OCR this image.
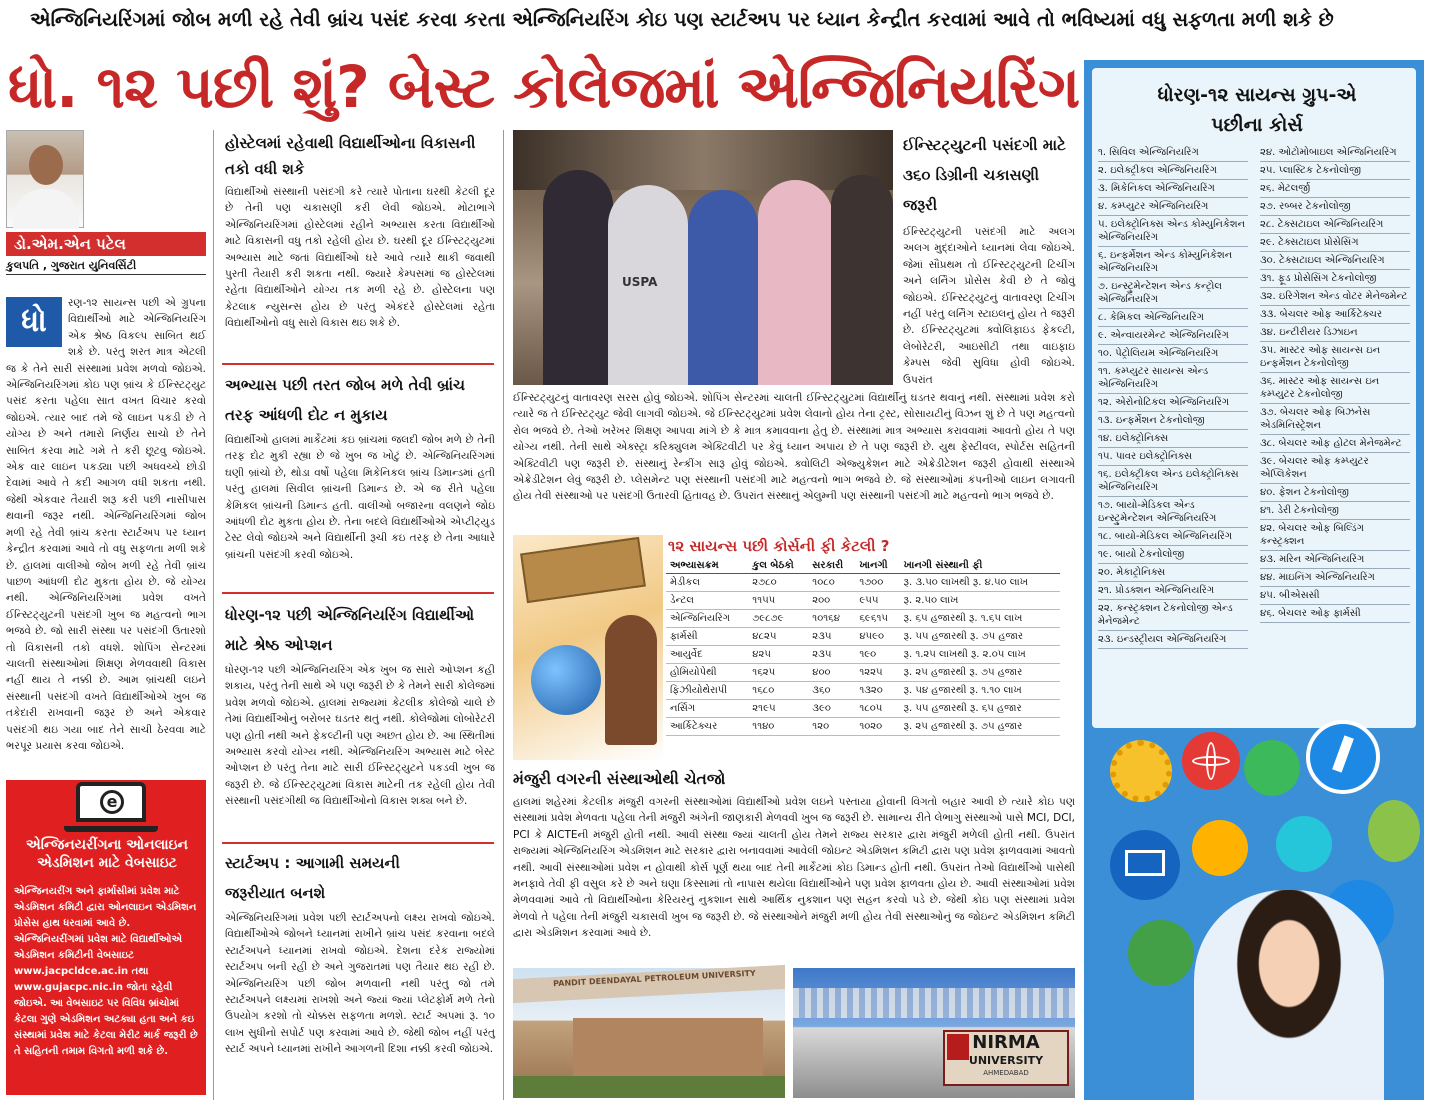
એન્જિનિયરિંગમાં જોબ મળી રહે તેવી બ્રાંચ પસંદ કરવા કરતા એન્જિનિયરિંગ કોઇ પણ સ્ટાર્ટઅપ પર ધ્યાન કેન્દ્રીત કરવામાં આવે તો ભવિષ્યમાં વધુ સફળતા મળી શકે છે
ધો. ૧૨ પછી શું? બેસ્ટ કોલેજમાં એન્જિનિયરિંગ
ડો.એમ.એન પટેલ
કુલપતિ , ગુજરાત યુનિવર્સિટી
ધો
રણ-૧૨ સાયન્સ પછી એ ગ્રુપના વિદ્યાર્થીઓ માટે એન્જિનિયરિંગ એક શ્રેષ્ઠ વિકલ્પ સાબિત થઈ શકે છે. પરંતુ શરત માત્ર એટલી જ કે તેને સારી સંસ્થામાં પ્રવેશ મળવો જોઇએ. એન્જિનિયરિંગમાં કોઇ પણ બ્રાંચ કે ઈન્સ્ટિટ્યુટ પસંદ કરતા પહેલા સાત વખત વિચાર કરવો જોઇએ. ત્યાર બાદ તમે જે લાઇન પકડી છે તે યોગ્ય છે અને તમારો નિર્ણય સાચો છે તેને સાબિત કરવા માટે ગમે તે કરી છૂટવુ જોઇએ. એક વાર લાઇન પકડ્યા પછી અધવચ્ચે છોડી દેવામાં આવે તે કદી આગળ વધી શકતા નથી. જેથી એકવાર તૈયારી શરૂ કરી પછી નાસીપાસ થવાની જરૂર નથી. એન્જિનિયરિંગમાં જોબ મળી રહે તેવી બ્રાંચ કરતા સ્ટાર્ટઅપ પર ધ્યાન કેન્દ્રીત કરવામાં આવે તો વધુ સફળતા મળી શકે છે. હાલમાં વાલીઓ જોબ મળી રહે તેવી બ્રાંચ પાછળ આંધળી દોટ મુકતા હોય છે. જે યોગ્ય નથી. એન્જિનિયરિંગમાં પ્રવેશ વખતે ઈન્સ્ટિટ્યુટની પસંદગી ખુબ જ મહત્વનો ભાગ ભજવે છે. જો સારી સંસ્થા પર પસંદગી ઉતારશો તો વિકાસની તકો વધશે. શોપિંગ સેન્ટરમાં ચાલતી સંસ્થાઓમાં શિક્ષણ મેળવવાથી વિકાસ નહીં થાય તે નક્કી છે. આમ બ્રાંચથી લઇને સંસ્થાની પસંદગી વખતે વિદ્યાર્થીઓએ ખુબ જ તકેદારી રાખવાની જરૂર છે અને એકવાર પસંદગી થઇ ગયા બાદ તેને સાચી ઠેરવવા માટે ભરપૂર પ્રયાસ કરવા જોઇએ.
e
એન્જિનયરીંગના ઓનલાઇન એડમિશન માટે વેબસાઇટ
એન્જિનયરીંગ અને ફાર્માસીમાં પ્રવેશ માટે એડમિશન કમિટી દ્વારા ઓનલાઇન એડમિશન પ્રોસેસ હાથ ધરવામાં આવે છે. એન્જિનિયરીંગમાં પ્રવેશ માટે વિદ્યાર્થીઓએ એડમિશન કમિટીની વેબસાઇટ www.jacpcldce.ac.in તથા www.gujacpc.nic.in જોતા રહેવી જોઇએ. આ વેબસાઇટ પર વિવિધ બ્રાંચોમાં કેટલા ગુણે એડમિશન અટક્યા હતા અને કઇ સંસ્થામાં પ્રવેશ માટે કેટલા મેરીટ માર્ક જરૂરી છે તે સહિતની તમામ વિગતો મળી શકે છે.
હોસ્ટેલમાં રહેવાથી વિદ્યાર્થીઓના વિકાસની તકો વધી શકે
વિદ્યાર્થીઓ સંસ્થાની પસંદગી કરે ત્યારે પોતાના ઘરથી કેટલી દૂર છે તેની પણ ચકાસણી કરી લેવી જોઇએ. મોટાભાગે એન્જિનિયરિંગમાં હોસ્ટેલમાં રહીને અભ્યાસ કરતા વિદ્યાર્થીઓ માટે વિકાસની વધુ તકો રહેલી હોય છે. ઘરથી દૂર ઈન્સ્ટિટ્યુટમાં અભ્યાસ માટે જતાં વિદ્યાર્થીઓ ઘરે આવે ત્યારે થાકી જવાથી પુરતી તૈયારી કરી શકતા નથી. જ્યારે કેમ્પસમાં જ હોસ્ટેલમાં રહેતા વિદ્યાર્થીઓને યોગ્ય તક મળી રહે છે. હોસ્ટેલના પણ કેટલાક ન્યુસન્સ હોય છે પરંતુ એકંદરે હોસ્ટેલમાં રહેતા વિદ્યાર્થીઓનો વધુ સારો વિકાસ થઇ શકે છે.
અભ્યાસ પછી તરત જોબ મળે તેવી બ્રાંચ તરફ આંધળી દોટ ન મુકાય
વિદ્યાર્થીઓ હાલમાં માર્કેટમાં કઇ બ્રાંચમાં જલદી જોબ મળે છે તેની તરફ દોટ મુકી રહ્યા છે જે ખુબ જ ખોટું છે. એન્જિનિયરિંગમાં ઘણી બ્રાંચો છે, થોડા વર્ષો પહેલા મિકેનિકલ બ્રાંચ ડિમાન્ડમાં હતી પરંતુ હાલમાં સિવીલ બ્રાંચની ડિમાન્ડ છે. એ જ રીતે પહેલા કેમિકલ બ્રાંચની ડિમાન્ડ હતી. વાલીઓ બજારના વલણને જોઇ આંધળી દોટ મુકતા હોય છે. તેના બદલે વિદ્યાર્થીઓએ એપ્ટીટ્યુડ ટેસ્ટ લેવો જોઇએ અને વિદ્યાર્થીની રૂચી કઇ તરફ છે તેના આધારે બ્રાંચની પસંદગી કરવી જોઇએ.
ધોરણ-૧૨ પછી એન્જિનિયરિંગ વિદ્યાર્થીઓ માટે શ્રેષ્ઠ ઓપ્શન
ધોરણ-૧૨ પછી એન્જિનિયરિંગ એક ખુબ જ સારો ઓપ્શન કહી શકાય, પરંતુ તેની સાથે એ પણ જરૂરી છે કે તેમને સારી કોલેજમાં પ્રવેશ મળવો જોઇએ. હાલમાં રાજ્યમાં કેટલીક કોલેજો ચાલે છે તેમાં વિદ્યાર્થીઓનું બરોબર ઘડતર થતું નથી. કોલેજોમાં લોબોરેટરી પણ હોતી નથી અને ફેકલ્ટીની પણ અછત હોય છે. આ સ્થિતીમાં અભ્યાસ કરવો યોગ્ય નથી. એન્જિનિયરિંગ અભ્યાસ માટે બેસ્ટ ઓપ્શન છે પરંતુ તેના માટે સારી ઈન્સ્ટિટ્યુટને પકડવી ખુબ જ જરૂરી છે. જે ઈન્સ્ટિટ્યુટમાં વિકાસ માટેની તક રહેલી હોય તેવી સંસ્થાની પસંદગીથી જ વિદ્યાર્થીઓનો વિકાસ શક્ય બને છે.
સ્ટાર્ટઅપ : આગામી સમયની જરૂરીયાત બનશે
એન્જિનિયરિંગમાં પ્રવેશ પછી સ્ટાર્ટઅપનો લક્ષ્ય રાખવો જોઇએ. વિદ્યાર્થીઓએ જોબને ધ્યાનમાં રાખીને બ્રાંચ પસંદ કરવાના બદલે સ્ટાર્ટઅપને ધ્યાનમાં રાખવો જોઇએ. દેશના દરેક રાજ્યોમાં સ્ટાર્ટઅપ બની રહી છે અને ગુજરાતમાં પણ તૈયાર થઇ રહી છે. એન્જિનિયરિંગ પછી જોબ મળવાની નથી પરંતુ જો તમે સ્ટાર્ટઅપને લક્ષ્યમાં રાખશો અને જ્યાં જ્યાં પ્લેટફોર્મ મળે તેનો ઉપયોગ કરશો તો ચોક્કસ સફળતા મળશે. સ્ટાર્ટ અપમાં રૂ. ૧૦ લાખ સુધીનો સપોર્ટ પણ કરવામાં આવે છે. જેથી જોબ નહીં પરંતુ સ્ટાર્ટ અપને ધ્યાનમાં રાખીને આગળની દિશા નક્કી કરવી જોઇએ.
USPA
ઈન્સ્ટિટ્યુટની પસંદગી માટે ૩૬૦ ડિગ્રીની ચકાસણી જરૂરી
ઈન્સ્ટિટ્યુટની પસંદગી માટે અલગ અલગ મુદ્દાઓને ધ્યાનમાં લેવા જોઇએ. જેમાં સૌપ્રથમ તો ઈન્સ્ટિટ્યુટની ટિચીંગ અને લર્નિંગ પ્રોસેસ કેવી છે તે જોવું જોઇએ. ઈન્સ્ટિટ્યુટનું વાતાવરણ ટિચીંગ નહીં પરંતુ લર્નિંગ સ્ટાઇલનું હોય તે જરૂરી છે. ઈન્સ્ટિટ્યુટમાં ક્વોલિફાઇડ ફેકલ્ટી, લેબોરેટરી, આઇસીટી તથા વાઇફાઇ કેમ્પસ જેવી સુવિધા હોવી જોઇએ. ઉપરાંત
ઈન્સ્ટિટ્યુટનું વાતાવરણ સરસ હોવું જોઇએ. શોપિંગ સેન્ટરમાં ચાલતી ઈન્સ્ટિટ્યુટમાં વિદ્યાર્થીનું ઘડતર થવાનું નથી. સંસ્થામાં પ્રવેશ કરો ત્યારે જ તે ઈન્સ્ટિટ્યુટ જેવી લાગવી જોઇએ. જે ઈન્સ્ટિટ્યુટમાં પ્રવેશ લેવાનો હોય તેના ટ્રસ્ટ, સોસાયટીનું વિઝન શું છે તે પણ મહત્વનો રોલ ભજવે છે. તેઓ ખરેખર શિક્ષણ આપવા માંગે છે કે માત્ર કમાવવાના હેતુ છે. સંસ્થામાં માત્ર અભ્યાસ કરાવવામાં આવતો હોય તે પણ યોગ્ય નથી. તેની સાથે એક્સ્ટ્રા કરિક્યુલમ એક્ટિવીટી પર કેવું ધ્યાન અપાય છે તે પણ જરૂરી છે. યુથ ફેસ્ટીવલ, સ્પોર્ટસ સહિતની એક્ટિવીટી પણ જરૂરી છે. સંસ્થાનું રેન્કીંગ સારૂ હોવું જોઇએ. ક્વોલિટી એજ્યુકેશન માટે એક્રેડીટેશન જરૂરી હોવાથી સંસ્થાએ એક્રેડીટેશન લેવું જરૂરી છે. પ્લેસમેન્ટ પણ સંસ્થાની પસંદગી માટે મહત્વનો ભાગ ભજવે છે. જે સંસ્થાઓમાં કંપનીઓ લાઇન લગાવતી હોય તેવી સંસ્થાઓ પર પસંદગી ઉતારવી હિતાવહ છે. ઉપરાંત સંસ્થાનું એલુમ્ની પણ સંસ્થાની પસંદગી માટે મહત્વનો ભાગ ભજવે છે.
૧૨ સાયન્સ પછી કોર્સની ફી કેટલી ?
અભ્યાસક્રમ	કુલ બેઠકો	સરકારી	ખાનગી	ખાનગી સંસ્થાની ફી
મેડીકલ	૨૭૮૦	૧૦૮૦	૧૭૦૦	રૂ. ૩.૫૦ લાખથી રૂ. ૪.૫૦ લાખ
ડેન્ટલ	૧૧૫૫	૨૦૦	૯૫૫	રૂ. ૨.૫૦ લાખ
એન્જિનિયરિંગ	૭૯૮૭૯	૧૦૧૬૪	૬૯૬૧૫	રૂ. ૬૫ હજારથી રૂ. ૧.૬૫ લાખ
ફાર્મસી	૪૮૨૫	૨૩૫	૪૫૯૦	રૂ. ૫૫ હજારથી રૂ. ૭૫ હજાર
આયુર્વેદ	૪૨૫	૨૩૫	૧૯૦	રૂ. ૧.૨૫ લાખથી રૂ. ૨.૦૫ લાખ
હોમિયોપેથી	૧૬૨૫	૪૦૦	૧૨૨૫	રૂ. ૨૫ હજારથી રૂ. ૭૫ હજાર
ફિઝીયોથેરાપી	૧૬૮૦	૩૬૦	૧૩૨૦	રૂ. ૫૪ હજારથી રૂ. ૧.૧૦ લાખ
નર્સિંગ	૨૧૯૫	૩૯૦	૧૮૦૫	રૂ. ૫૫ હજારથી રૂ. ૬૫ હજાર
આર્કિટેક્ચર	૧૧૪૦	૧૨૦	૧૦૨૦	રૂ. ૨૫ હજારથી રૂ. ૭૫ હજાર
મંજુરી વગરની સંસ્થાઓથી ચેતજો
હાલમાં શહેરમાં કેટલીક મંજુરી વગરની સંસ્થાઓમાં વિદ્યાર્થીઓ પ્રવેશ લઇને પસ્તાયા હોવાની વિગતો બહાર આવી છે ત્યારે કોઇ પણ સંસ્થામાં પ્રવેશ મેળવતા પહેલા તેની મંજુરી અંગેની જાણકારી મેળવવી ખુબ જ જરૂરી છે. સામાન્ય રીતે લેભાગુ સંસ્થાઓ પાસે MCI, DCI, PCI કે AICTEની મંજુરી હોતી નથી. આવી સંસ્થા જ્યાં ચાલતી હોય તેમને રાજ્ય સરકાર દ્વારા મંજુરી મળેલી હોતી નથી. ઉપરાંત રાજ્યમાં એન્જિનિયરિંગ એડમિશન માટે સરકાર દ્વારા બનાવવામાં આવેલી જોઇન્ટ એડમિશન કમિટી દ્વારા પણ પ્રવેશ ફાળવવામાં આવતો નથી. આવી સંસ્થાઓમાં પ્રવેશ ન હોવાથી કોર્સ પૂર્ણ થયા બાદ તેની માર્કેટમાં કોઇ ડિમાન્ડ હોતી નથી. ઉપરાંત તેઓ વિદ્યાર્થીઓ પાસેથી મનફાવે તેવી ફી વસુલ કરે છે અને ઘણા કિસ્સામાં તો નાપાસ થયેલા વિદ્યાર્થીઓને પણ પ્રવેશ ફાળવતા હોય છે. આવી સંસ્થાઓમાં પ્રવેશ મેળવવામાં આવે તો વિદ્યાર્થીઓના કેરિયરનું નુકશાન સાથે આર્થિક નુકશાન પણ સહન કરવો પડે છે. જેથી કોઇ પણ સંસ્થામાં પ્રવેશ મેળવો તે પહેલા તેની મંજુરી ચકાસવી ખુબ જ જરૂરી છે. જે સંસ્થાઓને મંજુરી મળી હોય તેવી સંસ્થાઓનું જ જોઇન્ટ એડમિશન કમિટી દ્વારા એડમિશન કરવામાં આવે છે.
PANDIT DEENDAYAL PETROLEUM UNIVERSITY
NIRMA
UNIVERSITY
AHMEDABAD
ધોરણ-૧૨ સાયન્સ ગ્રુપ-એ પછીના કોર્સ
૧. સિવિલ એન્જિનિયરિંગ
૨. ઇલેક્ટ્રીકલ એન્જિનિયરિંગ
૩. મિકેનિકલ એન્જિનિયરિંગ
૪. કમ્પ્યુટર એન્જિનિયરિંગ
૫. ઇલેક્ટ્રોનિક્સ એન્ડ કોમ્યુનિકેશન એન્જિનિયરિંગ
૬. ઇન્ફર્મેશન એન્ડ કોમ્યુનિકેશન એન્જિનિયરિંગ
૭. ઇન્સ્ટ્રુમેન્ટેશન એન્ડ કન્ટ્રોલ એન્જિનિયરિંગ
૮. કેમિકલ એન્જિનિયરિંગ
૯. એન્વાયરમેન્ટ એન્જિનિયરિંગ
૧૦. પેટ્રોલિયમ એન્જિનિયરિંગ
૧૧. કમ્પ્યુટર સાયન્સ એન્ડ એન્જિનિયરિંગ
૧૨. એરોનોટિકલ એન્જિનિયરિંગ
૧૩. ઇન્ફર્મેશન ટેકનોલોજી
૧૪. ઇલેક્ટ્રોનિક્સ
૧૫. પાવર ઇલેક્ટ્રોનિક્સ
૧૬. ઇલેક્ટ્રીકલ એન્ડ ઇલેક્ટ્રોનિક્સ એન્જિનિયરિંગ
૧૭. બાયો-મેડિકલ એન્ડ ઇન્સ્ટ્રુમેન્ટેશન એન્જિનિયરિંગ
૧૮. બાયો-મેડિકલ એન્જિનિયરિંગ
૧૯. બાયો ટેકનોલોજી
૨૦. મેકાટ્રોનિક્સ
૨૧. પ્રોડક્શન એન્જિનિયરિંગ
૨૨. કન્સ્ટ્રક્શન ટેકનોલોજી એન્ડ મેનેજમેન્ટ
૨૩. ઇન્ડસ્ટ્રીયલ એન્જિનિયરિંગ
૨૪. ઓટોમોબાઇલ એન્જિનિયરિંગ
૨૫. પ્લાસ્ટિક ટેકનોલોજી
૨૬. મેટલર્જી
૨૭. રબ્બર ટેકનોલોજી
૨૮. ટેક્સટાઇલ એન્જિનિયરિંગ
૨૯. ટેક્સટાઇલ પ્રોસેસિંગ
૩૦. ટેક્સટાઇલ એન્જિનિયરિંગ
૩૧. ફૂડ પ્રોસેસિંગ ટેકનોલોજી
૩૨. ઇરિગેશન એન્ડ વોટર મેનેજમેન્ટ
૩૩. બેચલર ઓફ આર્કિટેક્ચર
૩૪. ઇન્ટીરીયર ડિઝાઇન
૩૫. માસ્ટર ઓફ સાયન્સ ઇન ઇન્ફર્મેશન ટેકનોલોજી
૩૬. માસ્ટર ઓફ સાયન્સ ઇન કમ્પ્યુટર ટેકનોલોજી
૩૭. બેચલર ઓફ બિઝનેસ એડમિનિસ્ટ્રેશન
૩૮. બેચલર ઓફ હોટલ મેનેજમેન્ટ
૩૯. બેચલર ઓફ કમ્પ્યુટર એપ્લિકેશન
૪૦. ફેશન ટેકનોલોજી
૪૧. ડેરી ટેકનોલોજી
૪૨. બેચલર ઓફ બિલ્ડિંગ કન્સ્ટ્રક્શન
૪૩. મરિન એન્જિનિયરિંગ
૪૪. માઇનિંગ એન્જિનિયરિંગ
૪૫. બીએસસી
૪૬. બેચલર ઓફ ફાર્મસી
